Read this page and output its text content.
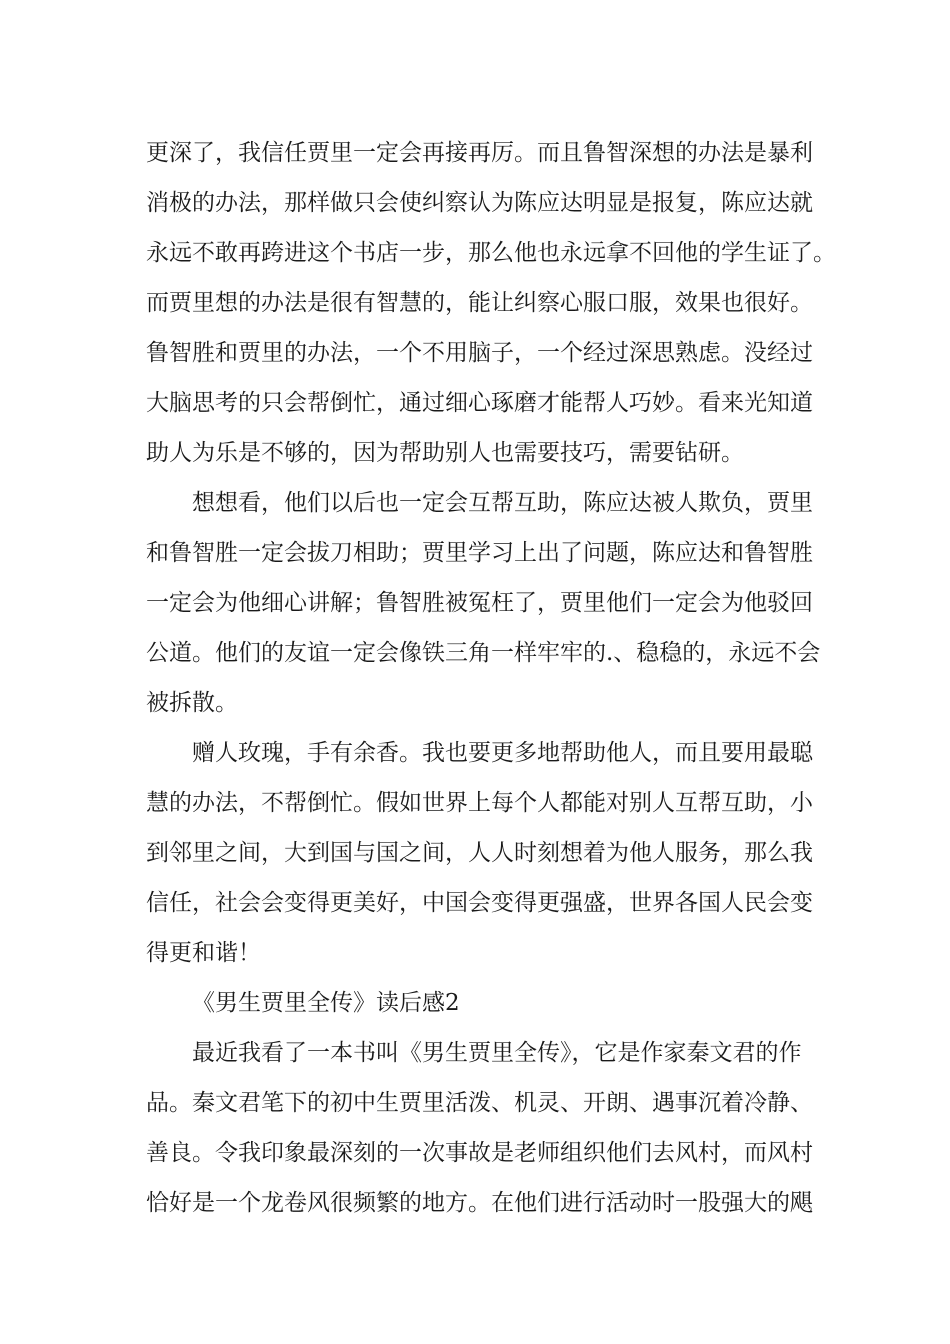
更深了，我信任贾里一定会再接再厉。而且鲁智深想的办法是暴利
消极的办法，那样做只会使纠察认为陈应达明显是报复，陈应达就
永远不敢再跨进这个书店一步，那么他也永远拿不回他的学生证了。
而贾里想的办法是很有智慧的，能让纠察心服口服，效果也很好。
鲁智胜和贾里的办法，一个不用脑子，一个经过深思熟虑。没经过
大脑思考的只会帮倒忙，通过细心琢磨才能帮人巧妙。看来光知道
助人为乐是不够的，因为帮助别人也需要技巧，需要钻研。
想想看，他们以后也一定会互帮互助，陈应达被人欺负，贾里
和鲁智胜一定会拔刀相助；贾里学习上出了问题，陈应达和鲁智胜
一定会为他细心讲解；鲁智胜被冤枉了，贾里他们一定会为他驳回
公道。他们的友谊一定会像铁三角一样牢牢的.、稳稳的，永远不会
被拆散。
赠人玫瑰，手有余香。我也要更多地帮助他人，而且要用最聪
慧的办法，不帮倒忙。假如世界上每个人都能对别人互帮互助，小
到邻里之间，大到国与国之间，人人时刻想着为他人服务，那么我
信任，社会会变得更美好，中国会变得更强盛，世界各国人民会变
得更和谐！
《男生贾里全传》读后感2
最近我看了一本书叫《男生贾里全传》，它是作家秦文君的作
品。秦文君笔下的初中生贾里活泼、机灵、开朗、遇事沉着冷静、
善良。令我印象最深刻的一次事故是老师组织他们去风村，而风村
恰好是一个龙卷风很频繁的地方。在他们进行活动时一股强大的飓
